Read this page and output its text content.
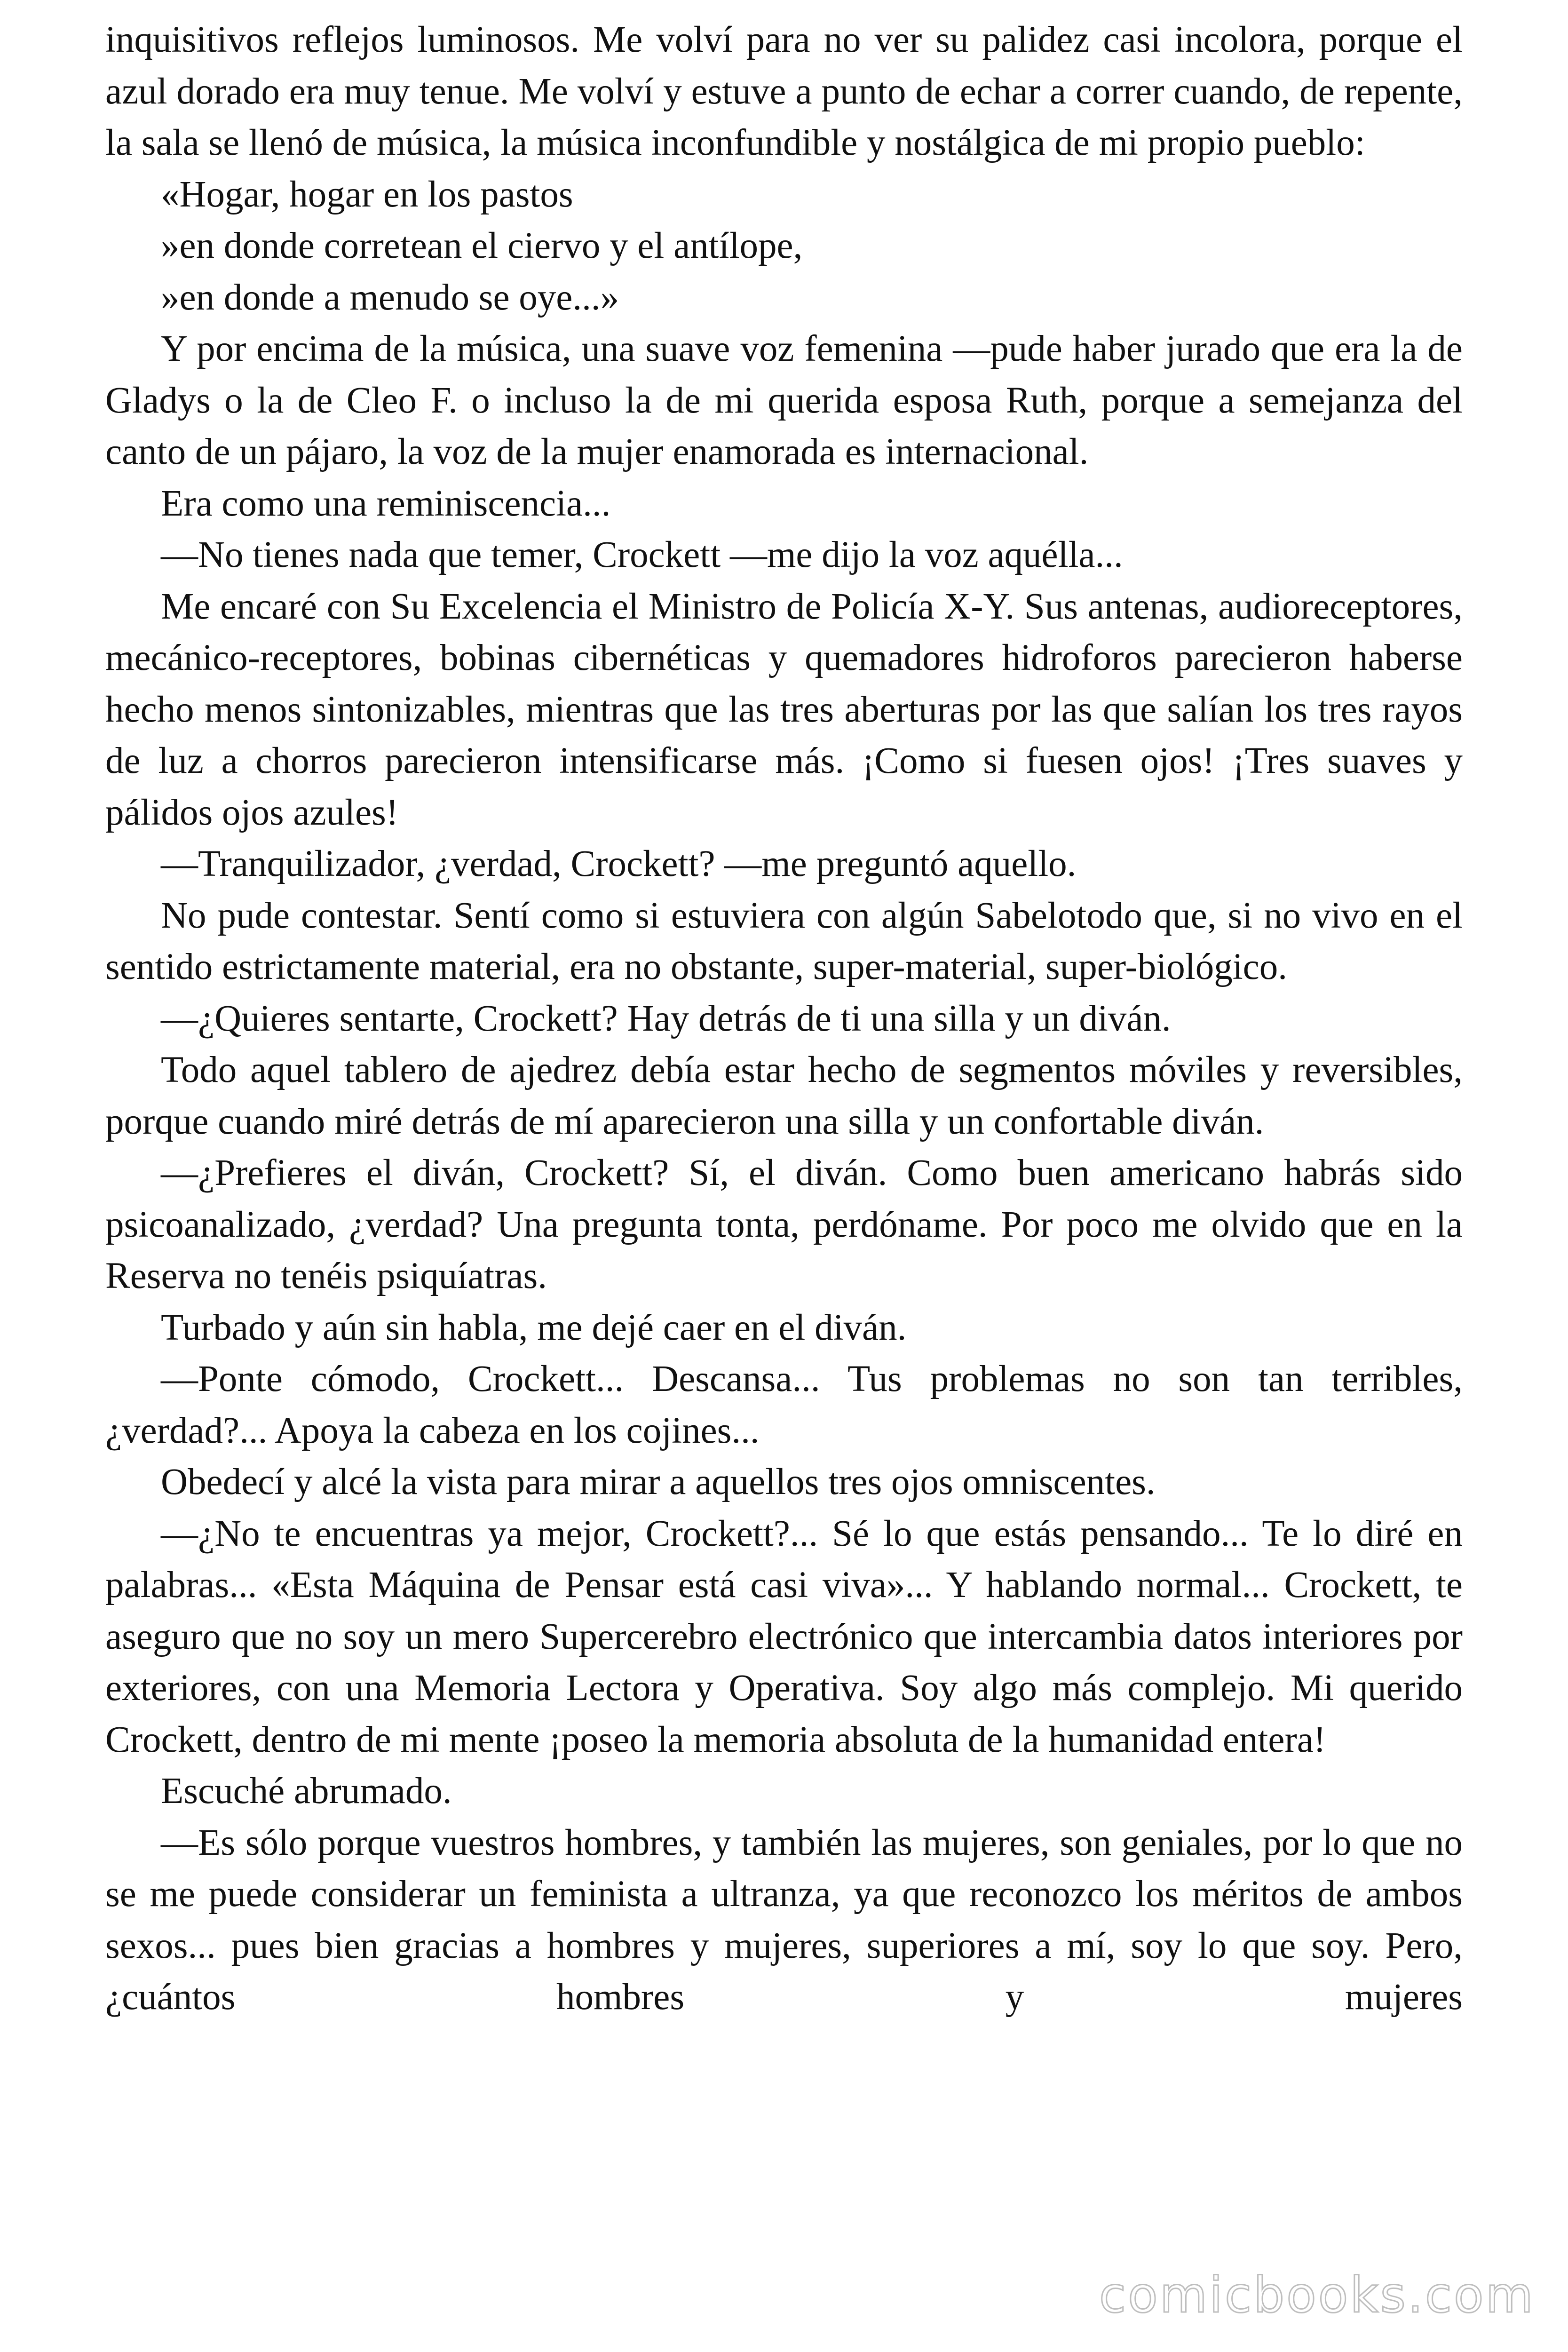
inquisitivos reflejos luminosos. Me volví para no ver su palidez casi incolora, porque el azul dorado era muy tenue. Me volví y estuve a punto de echar a correr cuando, de repente, la sala se llenó de música, la música inconfundible y nostálgica de mi propio pueblo:

«Hogar, hogar en los pastos

»en donde corretean el ciervo y el antílope,

»en donde a menudo se oye...»

Y por encima de la música, una suave voz femenina —pude haber jurado que era la de Gladys o la de Cleo F. o incluso la de mi querida esposa Ruth, porque a semejanza del canto de un pájaro, la voz de la mujer enamorada es internacional.

Era como una reminiscencia...

—No tienes nada que temer, Crockett —me dijo la voz aquélla...

Me encaré con Su Excelencia el Ministro de Policía X-Y. Sus antenas, audioreceptores, mecánico-receptores, bobinas cibernéticas y quemadores hidroforos parecieron haberse hecho menos sintonizables, mientras que las tres aberturas por las que salían los tres rayos de luz a chorros parecieron intensificarse más. ¡Como si fuesen ojos! ¡Tres suaves y pálidos ojos azules!

—Tranquilizador, ¿verdad, Crockett? —me preguntó aquello.

No pude contestar. Sentí como si estuviera con algún Sabelotodo que, si no vivo en el sentido estrictamente material, era no obstante, super-material, super-biológico.

—¿Quieres sentarte, Crockett? Hay detrás de ti una silla y un diván.

Todo aquel tablero de ajedrez debía estar hecho de segmentos móviles y reversibles, porque cuando miré detrás de mí aparecieron una silla y un confortable diván.

—¿Prefieres el diván, Crockett? Sí, el diván. Como buen americano habrás sido psicoanalizado, ¿verdad? Una pregunta tonta, perdóname. Por poco me olvido que en la Reserva no tenéis psiquíatras.

Turbado y aún sin habla, me dejé caer en el diván.

—Ponte cómodo, Crockett... Descansa... Tus problemas no son tan terribles, ¿verdad?... Apoya la cabeza en los cojines...

Obedecí y alcé la vista para mirar a aquellos tres ojos omniscentes.

—¿No te encuentras ya mejor, Crockett?... Sé lo que estás pensando... Te lo diré en palabras... «Esta Máquina de Pensar está casi viva»... Y hablando normal... Crockett, te aseguro que no soy un mero Supercerebro electrónico que intercambia datos interiores por exteriores, con una Memoria Lectora y Operativa. Soy algo más complejo. Mi querido Crockett, dentro de mi mente ¡poseo la memoria absoluta de la humanidad entera!

Escuché abrumado.

—Es sólo porque vuestros hombres, y también las mujeres, son geniales, por lo que no se me puede considerar un feminista a ultranza, ya que reconozco los méritos de ambos sexos... pues bien gracias a hombres y mujeres, superiores a mí, soy lo que soy. Pero, ¿cuántos hombres y mujeres

comicbooks.com
